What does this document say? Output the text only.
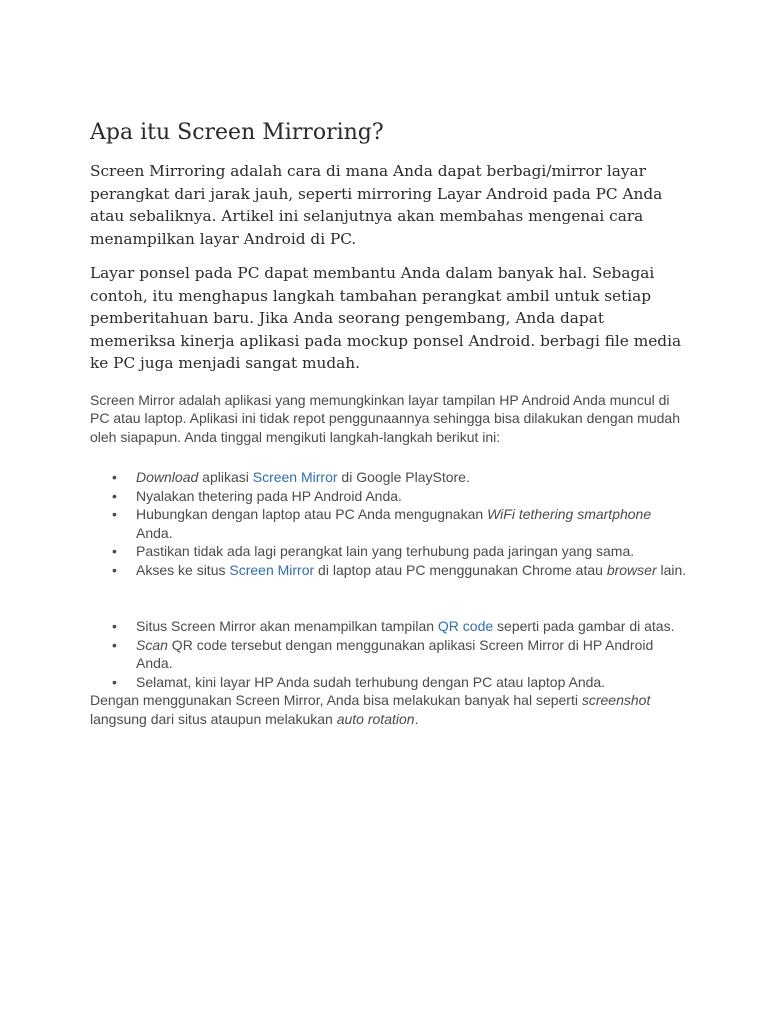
Apa itu Screen Mirroring?

Screen Mirroring adalah cara di mana Anda dapat berbagi/mirror layar perangkat dari jarak jauh, seperti mirroring Layar Android pada PC Anda atau sebaliknya. Artikel ini selanjutnya akan membahas mengenai cara menampilkan layar Android di PC.

Layar ponsel pada PC dapat membantu Anda dalam banyak hal. Sebagai contoh, itu menghapus langkah tambahan perangkat ambil untuk setiap pemberitahuan baru. Jika Anda seorang pengembang, Anda dapat memeriksa kinerja aplikasi pada mockup ponsel Android. berbagi file media ke PC juga menjadi sangat mudah.

Screen Mirror adalah aplikasi yang memungkinkan layar tampilan HP Android Anda muncul di PC atau laptop. Aplikasi ini tidak repot penggunaannya sehingga bisa dilakukan dengan mudah oleh siapapun. Anda tinggal mengikuti langkah-langkah berikut ini:

• Download aplikasi Screen Mirror di Google PlayStore.
• Nyalakan thetering pada HP Android Anda.
• Hubungkan dengan laptop atau PC Anda mengugnakan WiFi tethering smartphone Anda.
• Pastikan tidak ada lagi perangkat lain yang terhubung pada jaringan yang sama.
• Akses ke situs Screen Mirror di laptop atau PC menggunakan Chrome atau browser lain.
• Situs Screen Mirror akan menampilkan tampilan QR code seperti pada gambar di atas.
• Scan QR code tersebut dengan menggunakan aplikasi Screen Mirror di HP Android Anda.
• Selamat, kini layar HP Anda sudah terhubung dengan PC atau laptop Anda.

Dengan menggunakan Screen Mirror, Anda bisa melakukan banyak hal seperti screenshot langsung dari situs ataupun melakukan auto rotation.
